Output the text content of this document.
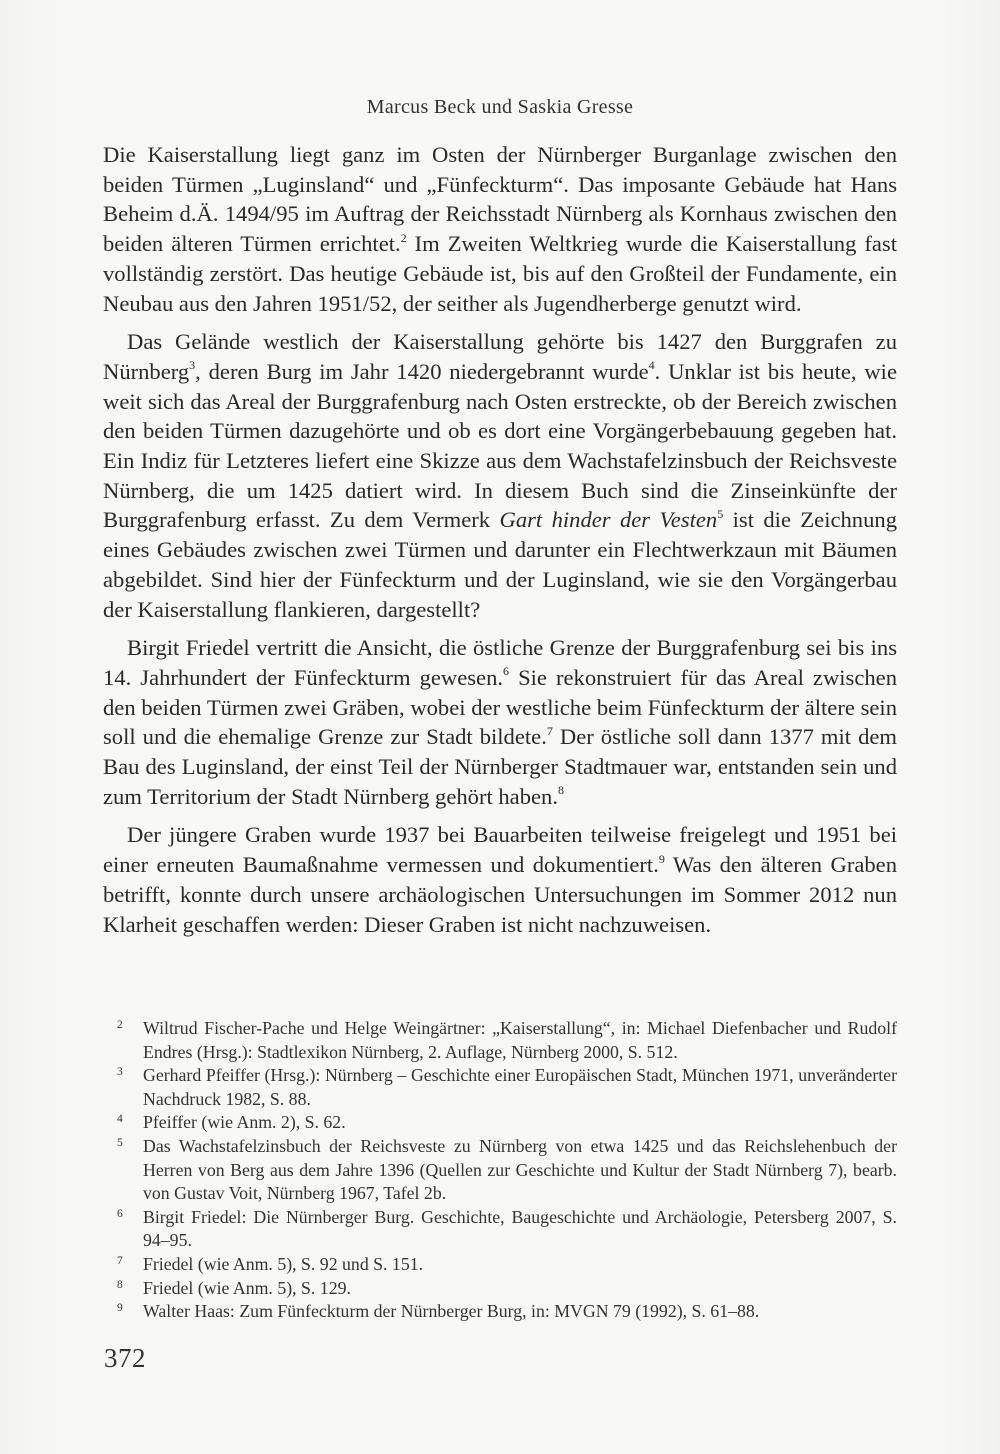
Marcus Beck und Saskia Gresse

Die Kaiserstallung liegt ganz im Osten der Nürnberger Burganlage zwischen den beiden Türmen „Luginsland“ und „Fünfeckturm“. Das imposante Gebäude hat Hans Beheim d.Ä. 1494/95 im Auftrag der Reichsstadt Nürnberg als Kornhaus zwischen den beiden älteren Türmen errichtet.$^2$ Im Zweiten Weltkrieg wurde die Kaiserstallung fast vollständig zerstört. Das heutige Gebäude ist, bis auf den Großteil der Fundamente, ein Neubau aus den Jahren 1951/52, der seither als Jugendherberge genutzt wird.

Das Gelände westlich der Kaiserstallung gehörte bis 1427 den Burggrafen zu Nürnberg$^3$, deren Burg im Jahr 1420 niedergebrannt wurde$^4$. Unklar ist bis heute, wie weit sich das Areal der Burggrafenburg nach Osten erstreckte, ob der Bereich zwischen den beiden Türmen dazugehörte und ob es dort eine Vorgängerbebauung gegeben hat. Ein Indiz für Letzteres liefert eine Skizze aus dem Wachstafelzinsbuch der Reichsveste Nürnberg, die um 1425 datiert wird. In diesem Buch sind die Zinseinkünfte der Burggrafenburg erfasst. Zu dem Vermerk Gart hinder der Vesten$^5$ ist die Zeichnung eines Gebäudes zwischen zwei Türmen und darunter ein Flechtwerkzaun mit Bäumen abgebildet. Sind hier der Fünfeckturm und der Luginsland, wie sie den Vorgängerbau der Kaiserstallung flankieren, dargestellt?

Birgit Friedel vertritt die Ansicht, die östliche Grenze der Burggrafenburg sei bis ins 14. Jahrhundert der Fünfeckturm gewesen.$^6$ Sie rekonstruiert für das Areal zwischen den beiden Türmen zwei Gräben, wobei der westliche beim Fünfeckturm der ältere sein soll und die ehemalige Grenze zur Stadt bildete.$^7$ Der östliche soll dann 1377 mit dem Bau des Luginsland, der einst Teil der Nürnberger Stadtmauer war, entstanden sein und zum Territorium der Stadt Nürnberg gehört haben.$^8$

Der jüngere Graben wurde 1937 bei Bauarbeiten teilweise freigelegt und 1951 bei einer erneuten Baumaßnahme vermessen und dokumentiert.$^9$ Was den älteren Graben betrifft, konnte durch unsere archäologischen Untersuchungen im Sommer 2012 nun Klarheit geschaffen werden: Dieser Graben ist nicht nachzuweisen.

2	Wiltrud Fischer-Pache und Helge Weingärtner: „Kaiserstallung“, in: Michael Diefenbacher und Rudolf Endres (Hrsg.): Stadtlexikon Nürnberg, 2. Auflage, Nürnberg 2000, S. 512.
3	Gerhard Pfeiffer (Hrsg.): Nürnberg – Geschichte einer Europäischen Stadt, München 1971, unveränderter Nachdruck 1982, S. 88.
4	Pfeiffer (wie Anm. 2), S. 62.
5	Das Wachstafelzinsbuch der Reichsveste zu Nürnberg von etwa 1425 und das Reichslehenbuch der Herren von Berg aus dem Jahre 1396 (Quellen zur Geschichte und Kultur der Stadt Nürnberg 7), bearb. von Gustav Voit, Nürnberg 1967, Tafel 2b.
6	Birgit Friedel: Die Nürnberger Burg. Geschichte, Baugeschichte und Archäologie, Petersberg 2007, S. 94–95.
7	Friedel (wie Anm. 5), S. 92 und S. 151.
8	Friedel (wie Anm. 5), S. 129.
9	Walter Haas: Zum Fünfeckturm der Nürnberger Burg, in: MVGN 79 (1992), S. 61–88.
372
